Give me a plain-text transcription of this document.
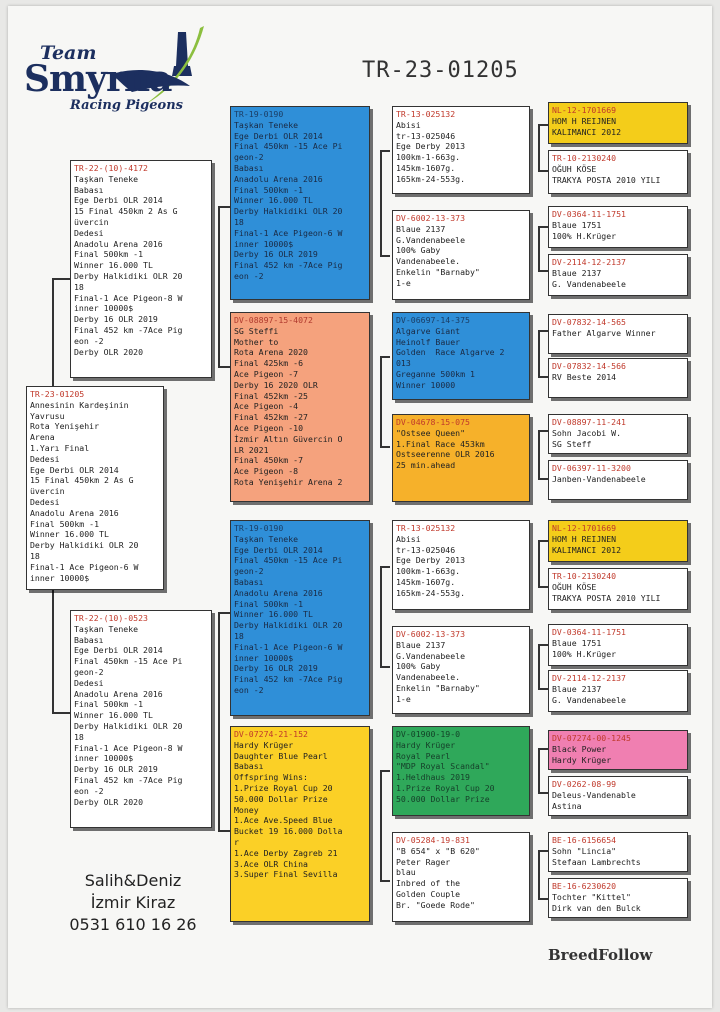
Team
Smyrna
Racing Pigeons
TR-23-01205
TR-23-01205
Annesinin Kardeşinin
Yavrusu
Rota Yenişehir
Arena
1.Yarı Final
Dedesi
Ege Derbi OLR 2014
15 Final 450km 2 As G
üvercin
Dedesi
Anadolu Arena 2016
Final 500km -1
Winner 16.000 TL
Derby Halkidiki OLR 20
18
Final-1 Ace Pigeon-6 W
inner 10000$
TR-22-(10)-4172
Taşkan Teneke
Babası
Ege Derbi OLR 2014
15 Final 450km 2 As G
üvercin
Dedesi
Anadolu Arena 2016
Final 500km -1
Winner 16.000 TL
Derby Halkidiki OLR 20
18
Final-1 Ace Pigeon-8 W
inner 10000$
Derby 16 OLR 2019
Final 452 km -7Ace Pig
eon -2
Derby OLR 2020
TR-22-(10)-0523
Taşkan Teneke
Babası
Ege Derbi OLR 2014
Final 450km -15 Ace Pi
geon-2
Dedesi
Anadolu Arena 2016
Final 500km -1
Winner 16.000 TL
Derby Halkidiki OLR 20
18
Final-1 Ace Pigeon-8 W
inner 10000$
Derby 16 OLR 2019
Final 452 km -7Ace Pig
eon -2
Derby OLR 2020
TR-19-0190
Taşkan Teneke
Ege Derbi OLR 2014
Final 450km -15 Ace Pi
geon-2
Babası
Anadolu Arena 2016
Final 500km -1
Winner 16.000 TL
Derby Halkidiki OLR 20
18
Final-1 Ace Pigeon-6 W
inner 10000$
Derby 16 OLR 2019
Final 452 km -7Ace Pig
eon -2
DV-08897-15-4072
SG Steffi
Mother to
Rota Arena 2020
Final 425km -6
Ace Pigeon -7
Derby 16 2020 OLR
Final 452km -25
Ace Pigeon -4
Final 452km -27
Ace Pigeon -10
İzmir Altın Güvercin O
LR 2021
Final 450km -7
Ace Pigeon -8
Rota Yenişehir Arena 2
TR-19-0190
Taşkan Teneke
Ege Derbi OLR 2014
Final 450km -15 Ace Pi
geon-2
Babası
Anadolu Arena 2016
Final 500km -1
Winner 16.000 TL
Derby Halkidiki OLR 20
18
Final-1 Ace Pigeon-6 W
inner 10000$
Derby 16 OLR 2019
Final 452 km -7Ace Pig
eon -2
DV-07274-21-152
Hardy Krüger
Daughter Blue Pearl
Babası
Offspring Wins:
1.Prize Royal Cup 20
50.000 Dollar Prize
Money
1.Ace Ave.Speed Blue
Bucket 19 16.000 Dolla
r
1.Ace Derby Zagreb 21
3.Ace OLR China
3.Super Final Sevilla
TR-13-025132
Abisi
tr-13-025046
Ege Derby 2013
100km-1-663g.
145km-1607g.
165km-24-553g.
DV-6002-13-373
Blaue 2137
G.Vandenabeele
100% Gaby
Vandenabeele.
Enkelin "Barnaby"
1-e
DV-06697-14-375
Algarve Giant
Heinolf Bauer
Golden  Race Algarve 2
013
Greganne 500km 1
Winner 10000
DV-04678-15-075
"Ostsee Queen"
1.Final Race 453km
Ostseerenne OLR 2016
25 min.ahead
TR-13-025132
Abisi
tr-13-025046
Ege Derby 2013
100km-1-663g.
145km-1607g.
165km-24-553g.
DV-6002-13-373
Blaue 2137
G.Vandenabeele
100% Gaby
Vandenabeele.
Enkelin "Barnaby"
1-e
DV-01900-19-0
Hardy Krüger
Royal Pearl
"MDP Royal Scandal"
1.Heldhaus 2019
1.Prize Royal Cup 20
50.000 Dollar Prize
DV-05284-19-831
"B 654" x "B 620"
Peter Rager
blau
Inbred of the
Golden Couple
Br. "Goede Rode"
NL-12-1701669
HOM H REIJNEN
KALIMANCI 2012
TR-10-2130240
OĞUH KÖSE
TRAKYA POSTA 2010 YILI
DV-0364-11-1751
Blaue 1751
100% H.Krüger
DV-2114-12-2137
Blaue 2137
G. Vandenabeele
DV-07832-14-565
Father Algarve Winner
DV-07832-14-566
RV Beste 2014
DV-08897-11-241
Sohn Jacobi W.
SG Steff
DV-06397-11-3200
Janben-Vandenabeele
NL-12-1701669
HOM H REIJNEN
KALIMANCI 2012
TR-10-2130240
OĞUH KÖSE
TRAKYA POSTA 2010 YILI
DV-0364-11-1751
Blaue 1751
100% H.Krüger
DV-2114-12-2137
Blaue 2137
G. Vandenabeele
DV-07274-00-1245
Black Power
Hardy Krüger
DV-0262-08-99
Deleus-Vandenable
Astina
BE-16-6156654
Sohn "Lincia"
Stefaan Lambrechts
BE-16-6230620
Tochter "Kittel"
Dirk van den Bulck
Salih&Deniz
İzmir Kiraz
0531 610 16 26
BreedFollow
